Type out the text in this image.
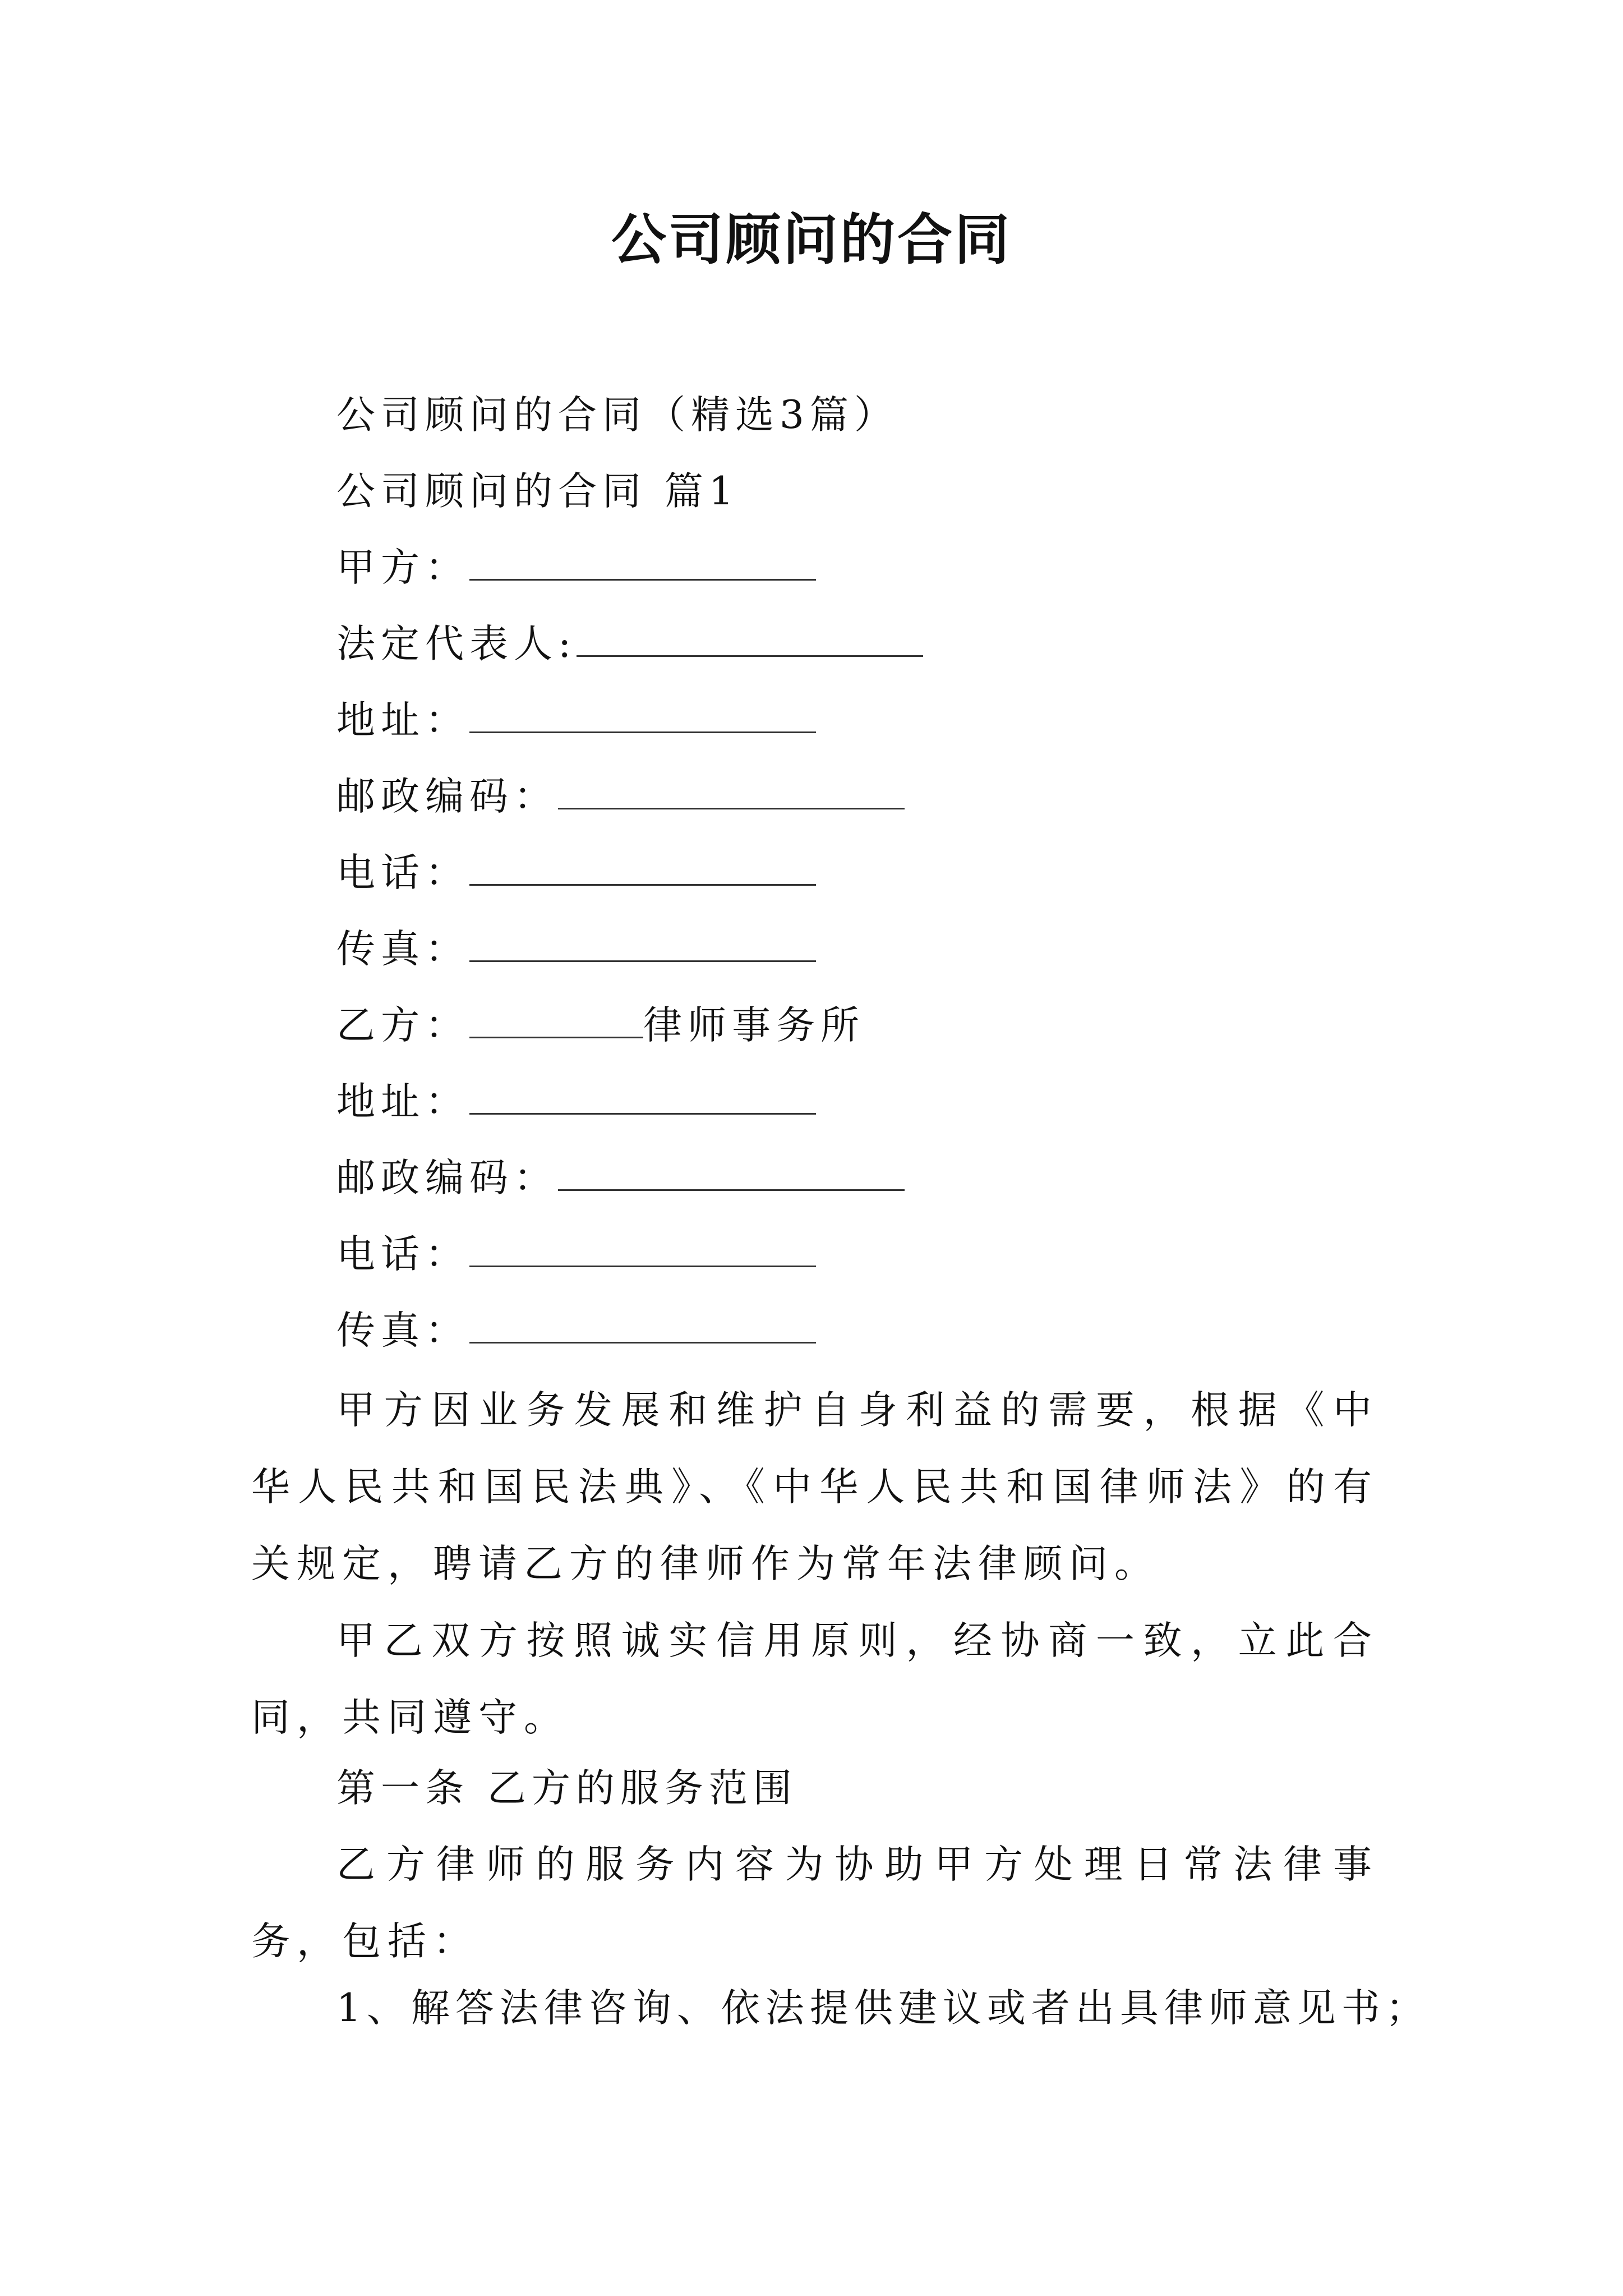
公司顾问的合同
公司顾问的合同（精选3篇）
公司顾问的合同 篇1
甲方：
法定代表人:
地址：
邮政编码：
电话：
传真：
乙方：	律师事务所
地址：
邮政编码：
电话：
传真：
甲方因业务发展和维护自身利益的需要，根据《中华人民共和国民法典》、《中华人民共和国律师法》的有关规定，聘请乙方的律师作为常年法律顾问。
甲乙双方按照诚实信用原则，经协商一致，立此合同，共同遵守。
第一条 乙方的服务范围
乙方律师的服务内容为协助甲方处理日常法律事务，包括：
1、解答法律咨询、依法提供建议或者出具律师意见书；
